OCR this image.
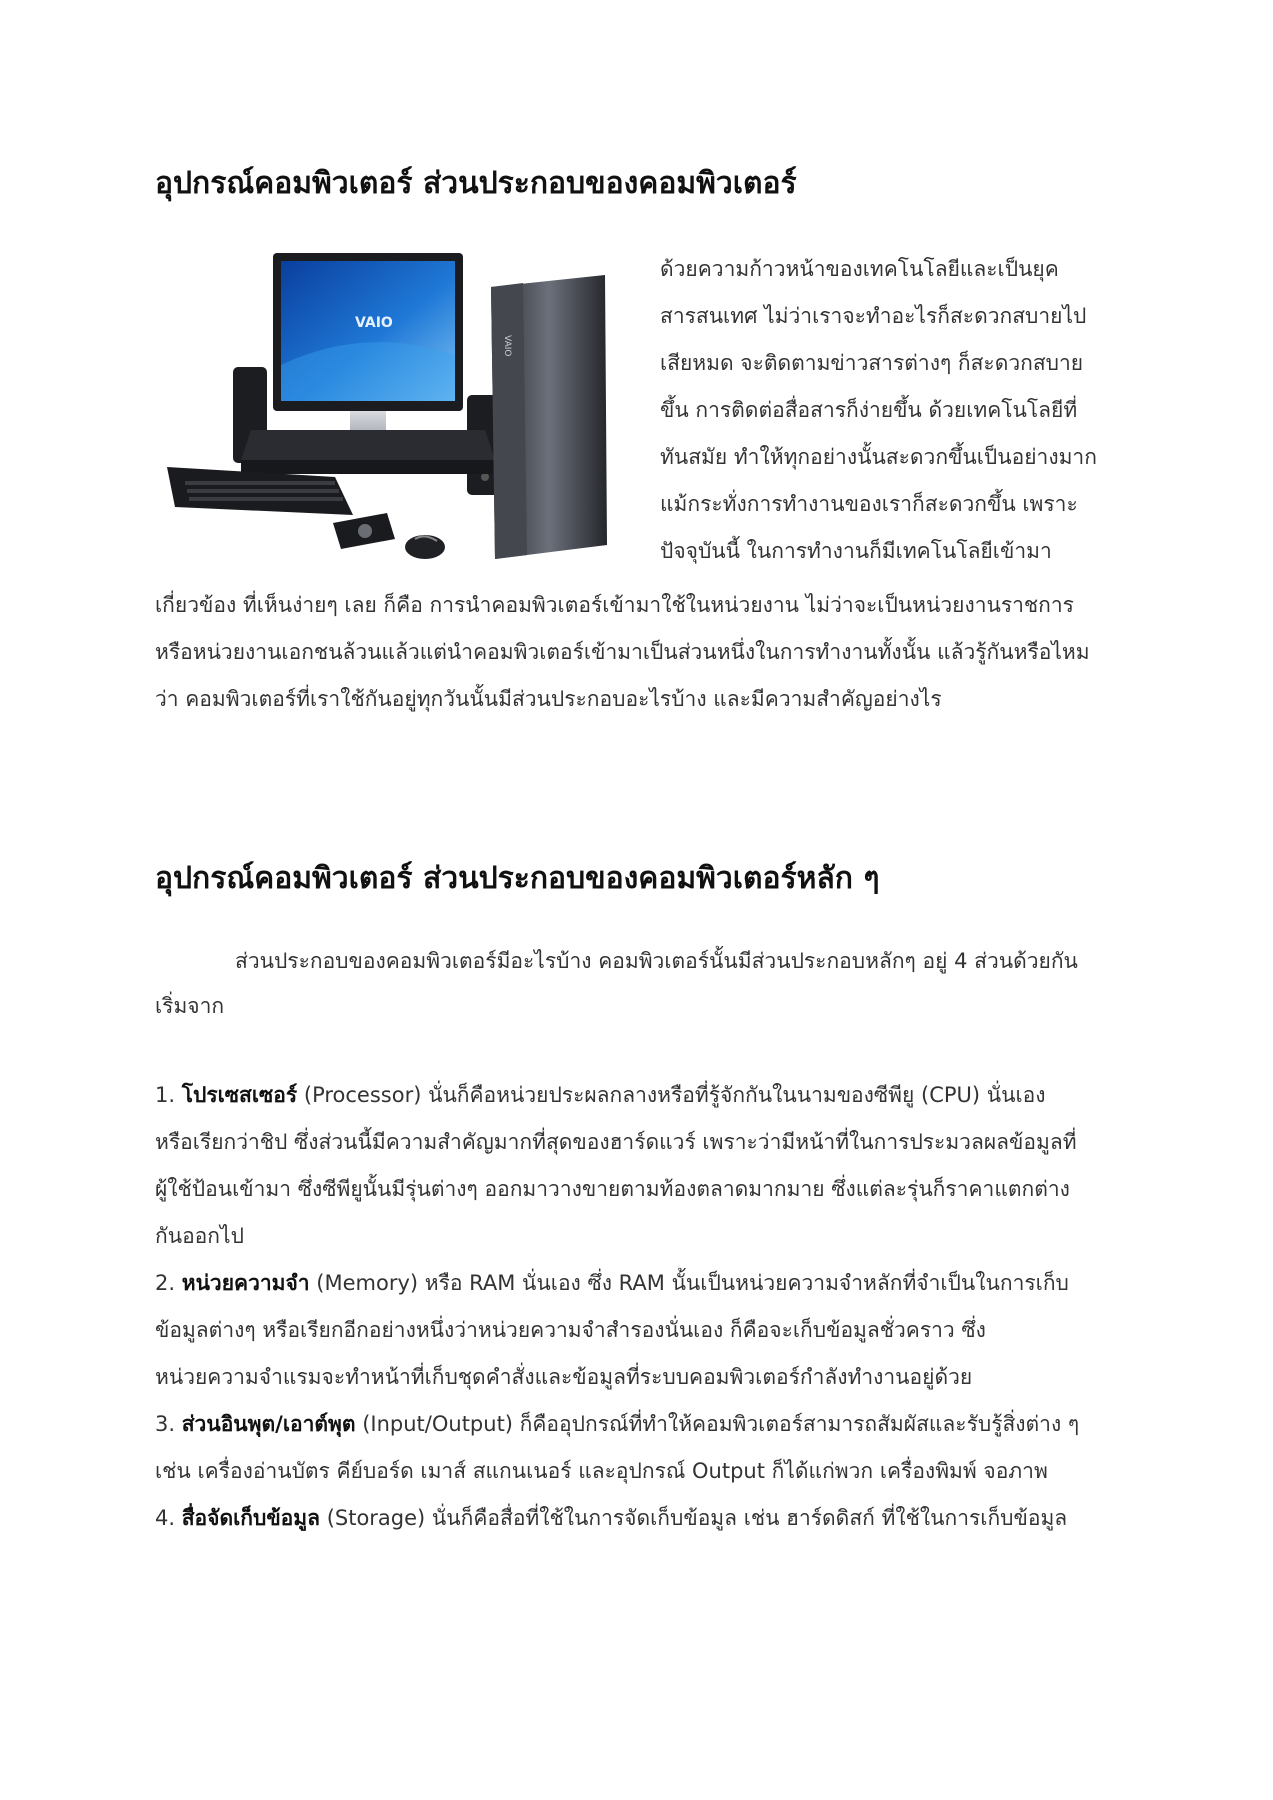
อุปกรณ์คอมพิวเตอร์ ส่วนประกอบของคอมพิวเตอร์
VAIO
VAIO

ด้วยความก้าวหน้าของเทคโนโลยีและเป็นยุค

สารสนเทศ ไม่ว่าเราจะทำอะไรก็สะดวกสบายไป

เสียหมด จะติดตามข่าวสารต่างๆ ก็สะดวกสบาย

ขึ้น การติดต่อสื่อสารก็ง่ายขึ้น ด้วยเทคโนโลยีที่

ทันสมัย ทำให้ทุกอย่างนั้นสะดวกขึ้นเป็นอย่างมาก

แม้กระทั่งการทำงานของเราก็สะดวกขึ้น เพราะ

ปัจจุบันนี้ ในการทำงานก็มีเทคโนโลยีเข้ามา

เกี่ยวข้อง ที่เห็นง่ายๆ เลย ก็คือ การนำคอมพิวเตอร์เข้ามาใช้ในหน่วยงาน ไม่ว่าจะเป็นหน่วยงานราชการ

หรือหน่วยงานเอกชนล้วนแล้วแต่นำคอมพิวเตอร์เข้ามาเป็นส่วนหนึ่งในการทำงานทั้งนั้น แล้วรู้กันหรือไหม

ว่า คอมพิวเตอร์ที่เราใช้กันอยู่ทุกวันนั้นมีส่วนประกอบอะไรบ้าง และมีความสำคัญอย่างไร

อุปกรณ์คอมพิวเตอร์ ส่วนประกอบของคอมพิวเตอร์หลัก ๆ

ส่วนประกอบของคอมพิวเตอร์มีอะไรบ้าง คอมพิวเตอร์นั้นมีส่วนประกอบหลักๆ อยู่ 4 ส่วนด้วยกัน

เริ่มจาก

1. โปรเซสเซอร์ (Processor) นั่นก็คือหน่วยประผลกลางหรือที่รู้จักกันในนามของซีพียู (CPU) นั่นเอง

หรือเรียกว่าชิป ซึ่งส่วนนี้มีความสำคัญมากที่สุดของฮาร์ดแวร์ เพราะว่ามีหน้าที่ในการประมวลผลข้อมูลที่

ผู้ใช้ป้อนเข้ามา ซึ่งซีพียูนั้นมีรุ่นต่างๆ ออกมาวางขายตามท้องตลาดมากมาย ซึ่งแต่ละรุ่นก็ราคาแตกต่าง

กันออกไป

2. หน่วยความจำ (Memory) หรือ RAM นั่นเอง ซึ่ง RAM นั้นเป็นหน่วยความจำหลักที่จำเป็นในการเก็บ

ข้อมูลต่างๆ หรือเรียกอีกอย่างหนึ่งว่าหน่วยความจำสำรองนั่นเอง ก็คือจะเก็บข้อมูลชั่วคราว ซึ่ง

หน่วยความจำแรมจะทำหน้าที่เก็บชุดคำสั่งและข้อมูลที่ระบบคอมพิวเตอร์กำลังทำงานอยู่ด้วย

3. ส่วนอินพุต/เอาต์พุต (Input/Output) ก็คืออุปกรณ์ที่ทำให้คอมพิวเตอร์สามารถสัมผัสและรับรู้สิ่งต่าง ๆ

เช่น เครื่องอ่านบัตร คีย์บอร์ด เมาส์ สแกนเนอร์ และอุปกรณ์ Output ก็ได้แก่พวก เครื่องพิมพ์ จอภาพ

4. สื่อจัดเก็บข้อมูล (Storage) นั่นก็คือสื่อที่ใช้ในการจัดเก็บข้อมูล เช่น ฮาร์ดดิสก์ ที่ใช้ในการเก็บข้อมูล
